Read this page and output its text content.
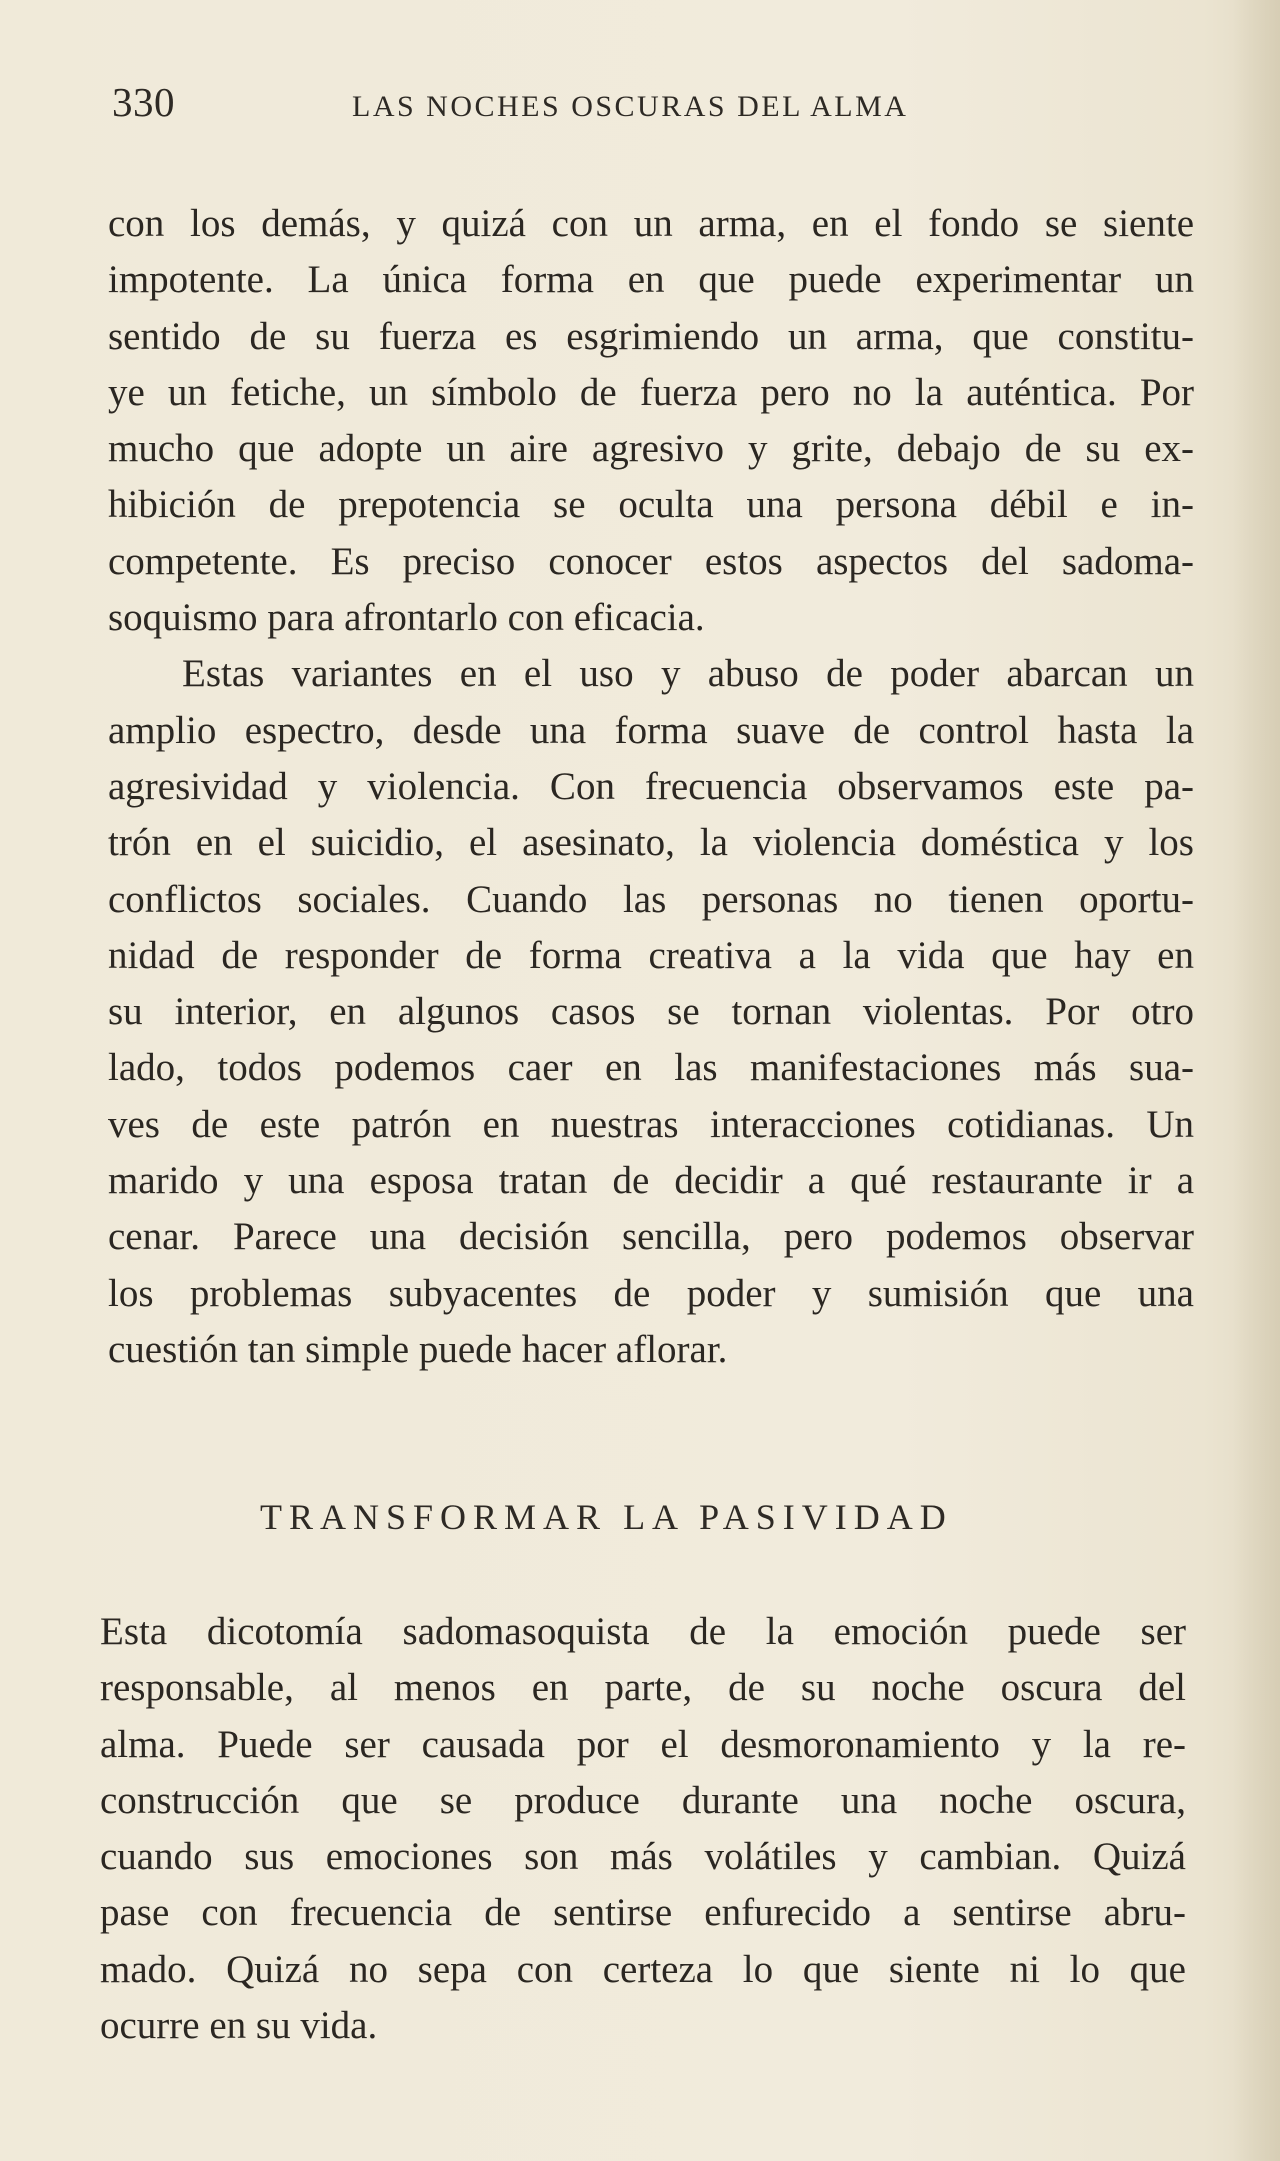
330	LAS NOCHES OSCURAS DEL ALMA
con los demás, y quizá con un arma, en el fondo se siente
impotente. La única forma en que puede experimentar un
sentido de su fuerza es esgrimiendo un arma, que constitu-
ye un fetiche, un símbolo de fuerza pero no la auténtica. Por
mucho que adopte un aire agresivo y grite, debajo de su ex-
hibición de prepotencia se oculta una persona débil e in-
competente. Es preciso conocer estos aspectos del sadoma-
soquismo para afrontarlo con eficacia.
Estas variantes en el uso y abuso de poder abarcan un
amplio espectro, desde una forma suave de control hasta la
agresividad y violencia. Con frecuencia observamos este pa-
trón en el suicidio, el asesinato, la violencia doméstica y los
conflictos sociales. Cuando las personas no tienen oportu-
nidad de responder de forma creativa a la vida que hay en
su interior, en algunos casos se tornan violentas. Por otro
lado, todos podemos caer en las manifestaciones más sua-
ves de este patrón en nuestras interacciones cotidianas. Un
marido y una esposa tratan de decidir a qué restaurante ir a
cenar. Parece una decisión sencilla, pero podemos observar
los problemas subyacentes de poder y sumisión que una
cuestión tan simple puede hacer aflorar.
TRANSFORMAR LA PASIVIDAD
Esta dicotomía sadomasoquista de la emoción puede ser
responsable, al menos en parte, de su noche oscura del
alma. Puede ser causada por el desmoronamiento y la re-
construcción que se produce durante una noche oscura,
cuando sus emociones son más volátiles y cambian. Quizá
pase con frecuencia de sentirse enfurecido a sentirse abru-
mado. Quizá no sepa con certeza lo que siente ni lo que
ocurre en su vida.
